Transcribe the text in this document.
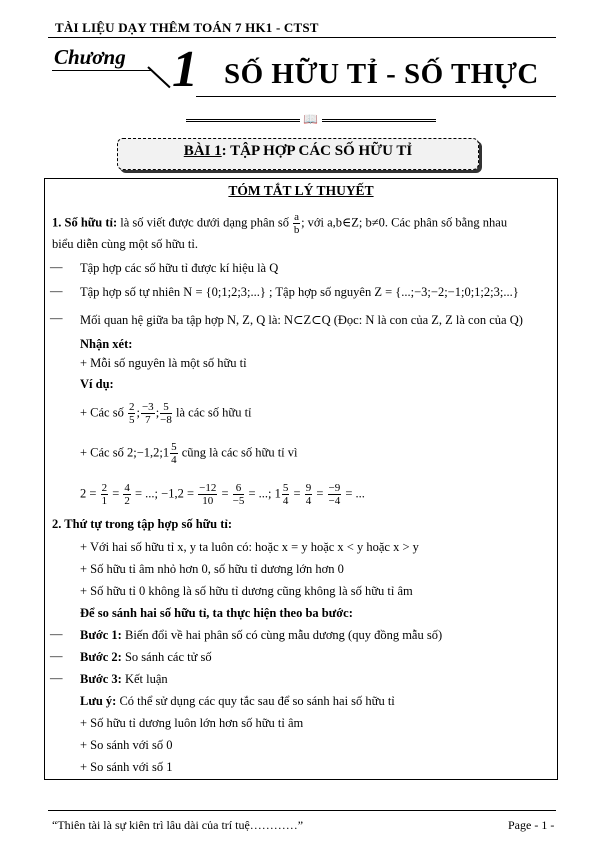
TÀI LIỆU DẠY THÊM TOÁN 7 HK1 - CTST
Chương 1 SỐ HỮU TỈ - SỐ THỰC
📖
BÀI 1: TẬP HỢP CÁC SỐ HỮU TỈ
TÓM TẮT LÝ THUYẾT
1. Số hữu tỉ: là số viết được dưới dạng phân số $\frac{a}{b}$ ; với a,b∈Z; b≠0. Các phân số bằng nhau
biểu diễn cùng một số hữu tỉ.
— Tập hợp các số hữu tỉ được kí hiệu là Q
— Tập hợp số tự nhiên N = {0;1;2;3;...} ; Tập hợp số nguyên Z = {...;−3;−2;−1;0;1;2;3;...}
— Mối quan hệ giữa ba tập hợp N, Z, Q là: N⊂Z⊂Q (Đọc: N là con của Z, Z là con của Q)
Nhận xét:
+ Mỗi số nguyên là một số hữu tỉ
Ví dụ:
+ Các số $\frac{2}{5}$ ; $\frac{-3}{7}$ ; $\frac{5}{-8}$ là các số hữu tỉ
+ Các số 2;−1,2;1 $\frac{5}{4}$ cũng là các số hữu tỉ vì
$2 = \frac{2}{1} = \frac{4}{2}$ = ...; $-1,2 = \frac{-12}{10} = \frac{6}{-5}$ = ...; $1 \frac{5}{4} = \frac{9}{4} = \frac{-9}{-4}$ = ...
2. Thứ tự trong tập hợp số hữu tỉ:
+ Với hai số hữu tỉ x, y ta luôn có: hoặc x = y hoặc x < y hoặc x > y
+ Số hữu tỉ âm nhỏ hơn 0, số hữu tỉ dương lớn hơn 0
+ Số hữu tỉ 0 không là số hữu tỉ dương cũng không là số hữu tỉ âm
Để so sánh hai số hữu tỉ, ta thực hiện theo ba bước:
— Bước 1: Biến đổi về hai phân số có cùng mẫu dương (quy đồng mẫu số)
— Bước 2: So sánh các tử số
— Bước 3: Kết luận
Lưu ý: Có thể sử dụng các quy tắc sau để so sánh hai số hữu tỉ
+ Số hữu tỉ dương luôn lớn hơn số hữu tỉ âm
+ So sánh với số 0
+ So sánh với số 1
“Thiên tài là sự kiên trì lâu dài của trí tuệ…………”	Page - 1 -
